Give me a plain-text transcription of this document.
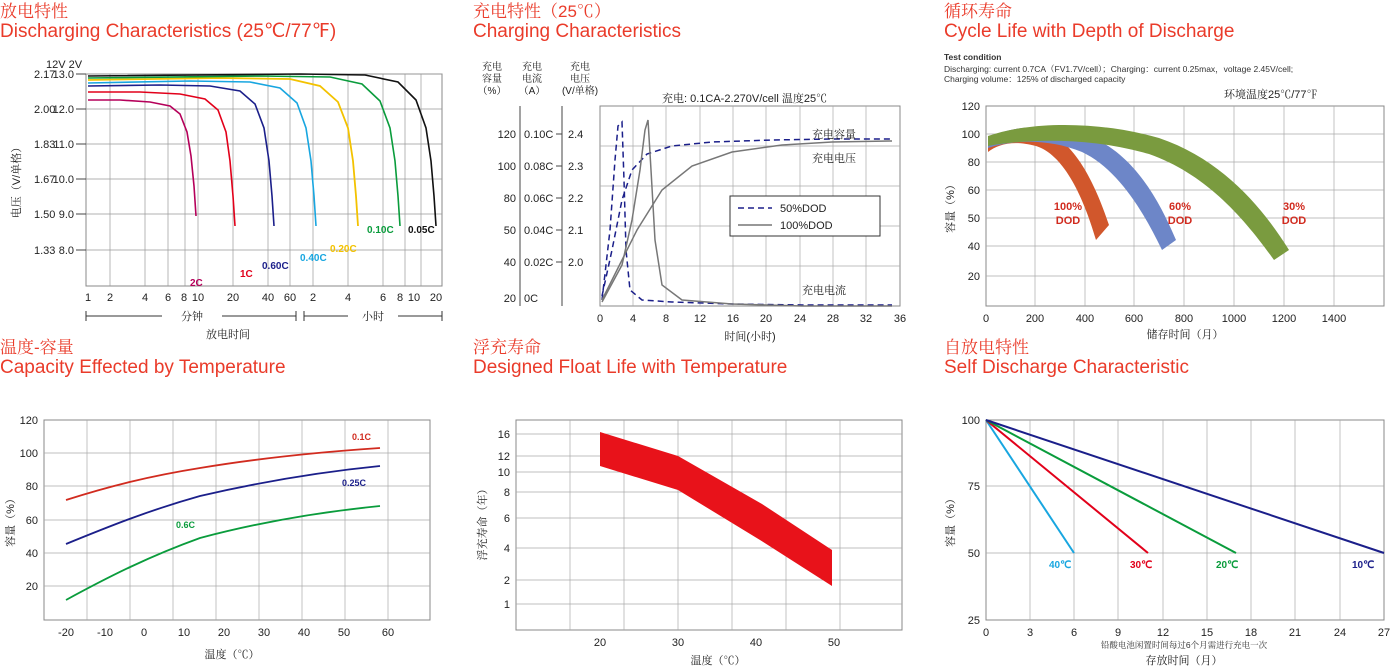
放电特性
Discharging Characteristics (25℃/77℉)
12V 2V
13.0
12.0
11.0
10.0
9.0
8.0
2.17
2.00
1.83
1.67
1.50
1.33
2C
1C
0.60C
0.40C
0.20C
0.10C 0.05C
1 2	4 6 8 10 20 40 60 2	4	6 8 10 20
分钟	小时
放电时间
电压（V/单格）
充电特性（25℃）
Charging Characteristics
充电
容量
（%）
充电
电流
（A）
充电
电压
(V/单格)
充电: 0.1CA-2.270V/cell 温度25℃
120
100
80
50
40
20
0.10C
0.08C
0.06C
0.04C
0.02C
0C
2.4
2.3
2.2
2.1
2.0
充电容量
充电电压
充电电流
50%DOD
100%DOD
0 4 8 12 16 20 24 28 32 36
时间(小时)
循环寿命
Cycle Life with Depth of Discharge
Test condition
Discharging: current 0.7CA（FV1.7V/cell）；Charging：current 0.25max，voltage 2.45V/cell;
Charging volume：125% of discharged capacity
环境温度25℃/77℉
120
100
80
60
50
40
20
100%
DOD
60%
DOD
30%
DOD
0	200	400	600	800	1000 1200 1400
储存时间（月）
容量（%）
温度-容量
Capacity Effected by Temperature
120
100
80
60
40
20
0.1C
0.25C
0.6C
-20 -10	0	10	20	30	40	50	60
温度（℃）
容量（%）
浮充寿命
Designed Float Life with Temperature
16
12
10
8
6
4
2
1
20	30	40	50
温度（℃）
浮充寿命（年）
自放电特性
Self Discharge Characteristic
100
75
50
25
40℃	30℃	20℃	10℃
0	3	6	9	12	15	18	21	24	27
铅酸电池闲置时间每过6个月需进行充电一次
存放时间（月）
容量（%）
